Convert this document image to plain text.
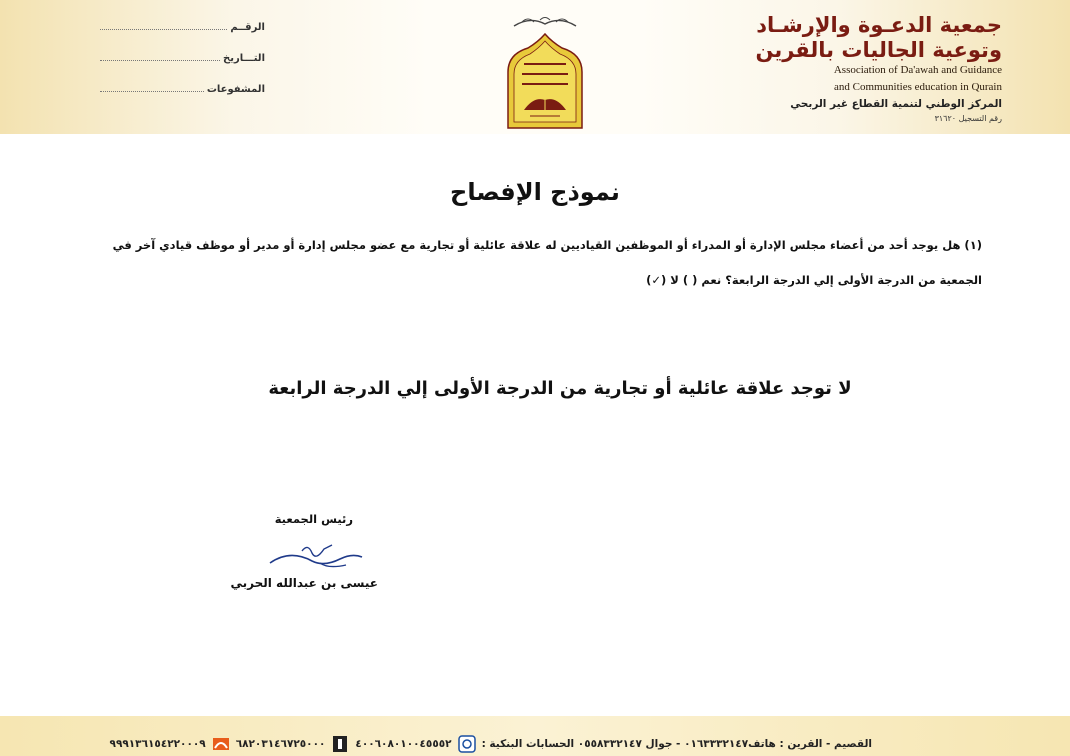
جمعية الدعـوة والإرشـاد
وتوعية الجاليات بالقرين
Association of Da'awah and Guidance
and Communities education in Qurain
المركز الوطني لتنمية القطاع غير الربحي
رقم التسجيل ٣١٦٢٠
الرقــم
التـــاريخ
المشفوعات
نموذج الإفصاح
(١) هل يوجد أحد من أعضاء مجلس الإدارة أو المدراء أو الموظفين القياديين له علاقة عائلية أو تجارية مع عضو مجلس إدارة أو مدير أو موظف قيادي آخر في
الجمعية من الدرجة الأولى إلي الدرجة الرابعة؟ نعم ( ) لا (✓)
لا توجد علاقة عائلية أو تجارية من الدرجة الأولى إلي الدرجة الرابعة
رئيس الجمعية
عيسى بن عبدالله الحربي
القصيم - القرين : هاتف٠١٦٣٣٣٢١٤٧ - جوال ٠٥٥٨٣٣٢١٤٧ الحسابات البنكية :
٤٠٠٦٠٨٠١٠٠٤٥٥٥٢
٦٨٢٠٣١٤٦٧٢٥٠٠٠
٩٩٩١٣٦١٥٤٢٢٠٠٠٩
